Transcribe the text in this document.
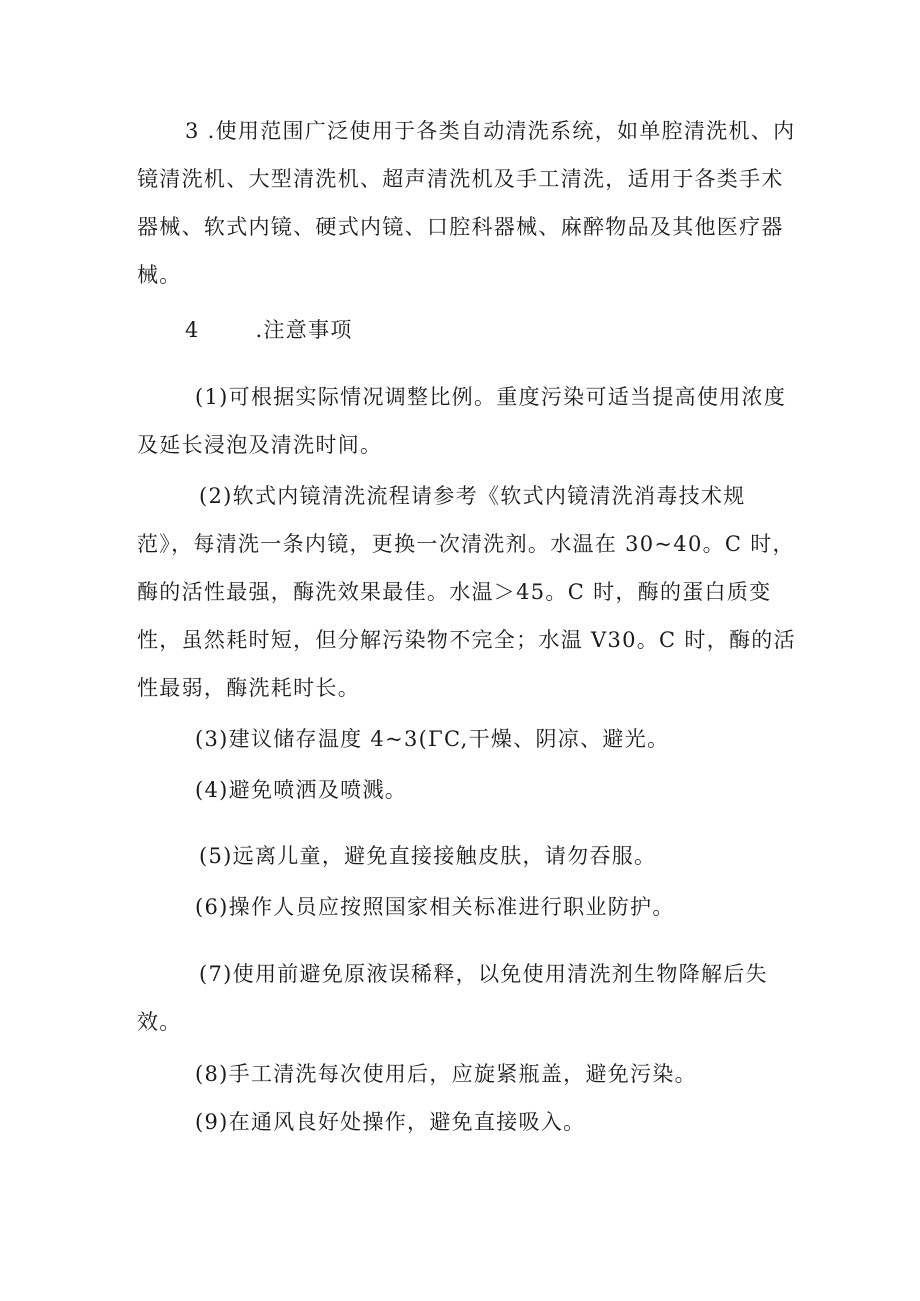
3 .使用范围广泛使用于各类自动清洗系统，如单腔清洗机、内镜清洗机、大型清洗机、超声清洗机及手工清洗，适用于各类手术器械、软式内镜、硬式内镜、口腔科器械、麻醉物品及其他医疗器械。

4       .注意事项

(1)可根据实际情况调整比例。重度污染可适当提高使用浓度及延长浸泡及清洗时间。

(2)软式内镜清洗流程请参考《软式内镜清洗消毒技术规范》，每清洗一条内镜，更换一次清洗剂。水温在 30~40。C 时，酶的活性最强，酶洗效果最佳。水温＞45。C 时，酶的蛋白质变性，虽然耗时短，但分解污染物不完全；水温 V30。C 时，酶的活性最弱，酶洗耗时长。

(3)建议储存温度 4~3(ΓC,干燥、阴凉、避光。

(4)避免喷洒及喷溅。

(5)远离儿童，避免直接接触皮肤，请勿吞服。

(6)操作人员应按照国家相关标准进行职业防护。

(7)使用前避免原液误稀释，以免使用清洗剂生物降解后失效。

(8)手工清洗每次使用后，应旋紧瓶盖，避免污染。

(9)在通风良好处操作，避免直接吸入。
